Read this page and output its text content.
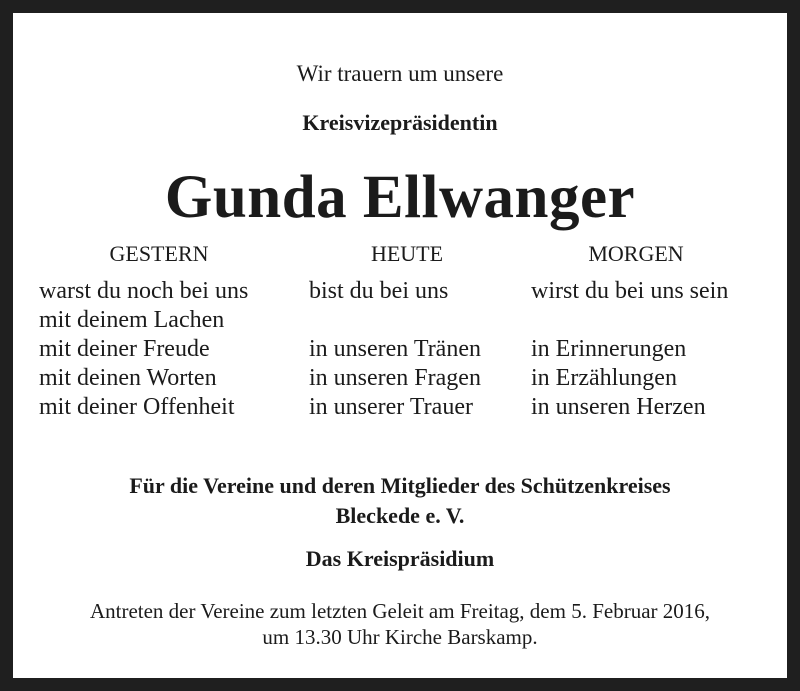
Wir trauern um unsere
Kreisvizepräsidentin
Gunda Ellwanger
GESTERN
warst du noch bei uns
mit deinem Lachen
mit deiner Freude
mit deinen Worten
mit deiner Offenheit
HEUTE
bist du bei uns
in unseren Tränen
in unseren Fragen
in unserer Trauer
MORGEN
wirst du bei uns sein
in Erinnerungen
in Erzählungen
in unseren Herzen
Für die Vereine und deren Mitglieder des Schützenkreises
Bleckede e. V.
Das Kreispräsidium
Antreten der Vereine zum letzten Geleit am Freitag, dem 5. Februar 2016,
um 13.30 Uhr Kirche Barskamp.
